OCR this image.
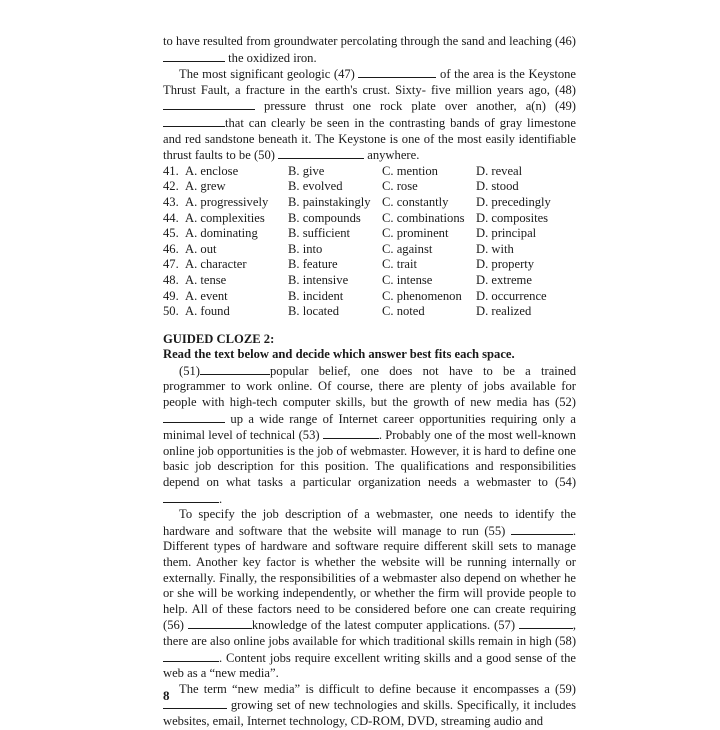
to have resulted from groundwater percolating through the sand and leaching (46) the oxidized iron.

The most significant geologic (47)	of the area is the Keystone Thrust Fault, a fracture in the earth's crust. Sixty- five million years ago, (48)  pressure thrust one rock plate over another, a(n) (49)that can clearly be seen in the contrasting bands of gray limestone and red sandstone beneath it. The Keystone is one of the most easily identifiable thrust faults to be (50)	anywhere.

41. A. enclose	B. give	C. mention	D. reveal
42. A. grew	B. evolved	C. rose	D. stood
43. A. progressively	B. painstakingly C. constantly	D. precedingly
44. A. complexities	B. compounds	C. combinations D. composites
45. A. dominating	B. sufficient	C. prominent	D. principal
46. A. out	B. into	C. against	D. with
47. A. character	B. feature	C. trait	D. property
48. A. tense	B. intensive	C. intense	D. extreme
49. A. event	B. incident	C. phenomenon	D. occurrence
50. A. found	B. located	C. noted	D. realized

GUIDED CLOZE 2:

Read the text below and decide which answer best fits each space.

(51)	popular belief, one does not have to be a trained programmer to work online. Of course, there are plenty of jobs available for people with high-tech computer skills, but the growth of new media has (52)  up a wide range of Internet career opportunities requiring only a minimal level of technical (53)	. Probably one of the most well-known online job opportunities is the job of webmaster. However, it is hard to define one basic job description for this position. The qualifications and responsibilities depend on what tasks a particular organization needs a webmaster to (54) .

To specify the job description of a webmaster, one needs to identify the hardware and software that the website will manage to run (55)	. Different types of hardware and software require different skill sets to manage them. Another key factor is whether the website will be running internally or externally. Finally, the responsibilities of a webmaster also depend on whether he or she will be working independently, or whether the firm will provide people to help. All of these factors need to be considered before one can create requiring (56)	knowledge of the latest computer applications. (57)	, there are also online jobs available for which traditional skills remain in high (58) . Content jobs require excellent writing skills and a good sense of the web as a “new media”.

The term “new media” is difficult to define because it encompasses a (59)  growing set of new technologies and skills. Specifically, it includes websites, email, Internet technology, CD-ROM, DVD, streaming audio and

8
